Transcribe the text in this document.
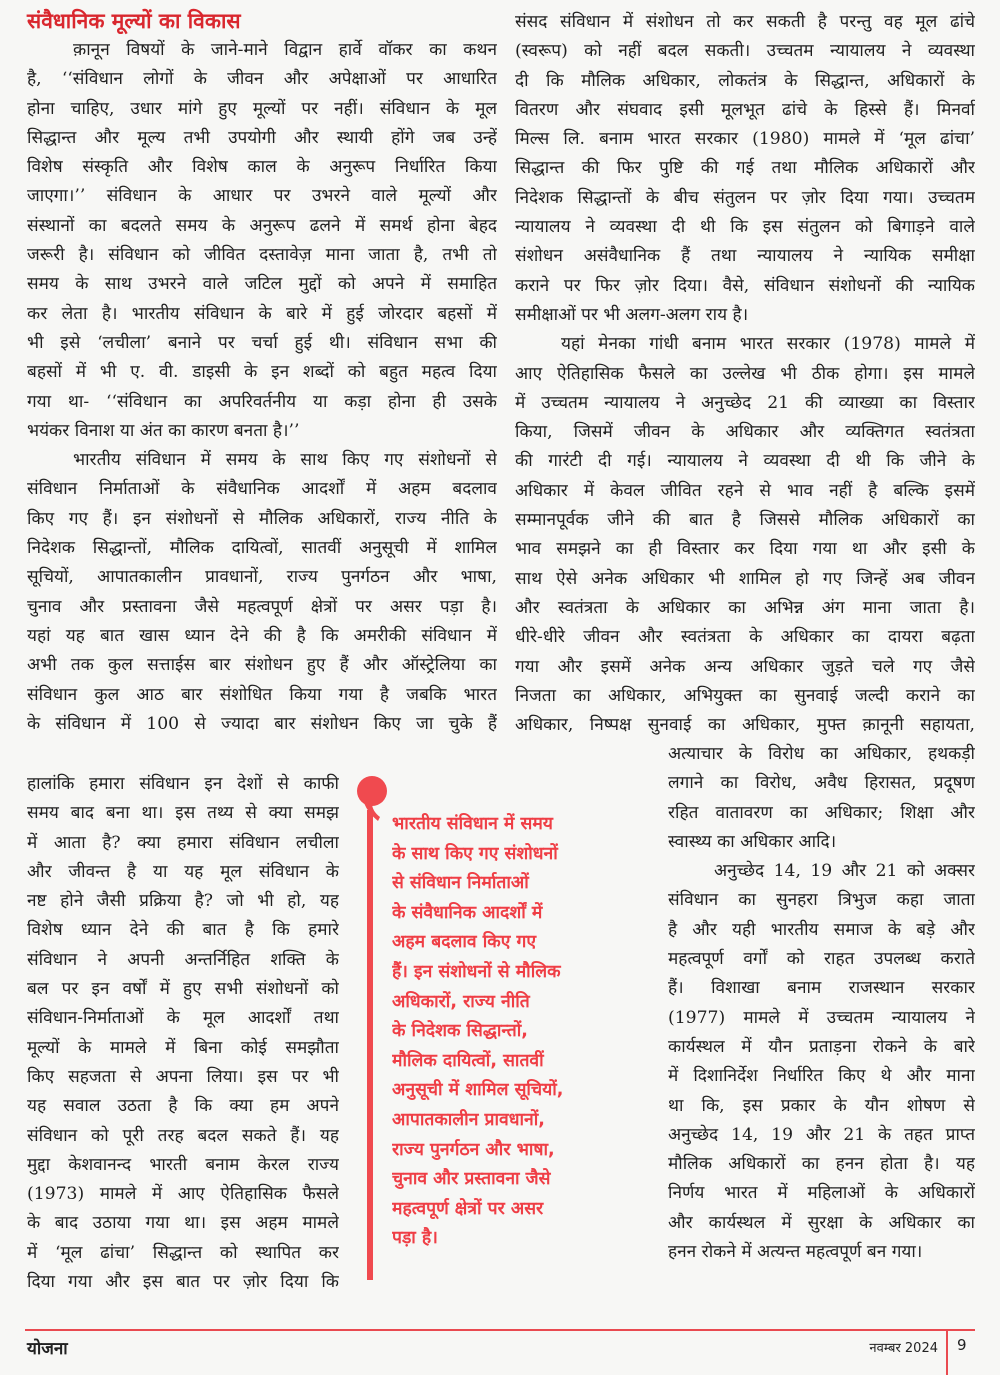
संवैधानिक मूल्यों का विकास
क़ानून विषयों के जाने-माने विद्वान हार्वे वॉकर का कथन
है, ‘‘संविधान लोगों के जीवन और अपेक्षाओं पर आधारित
होना चाहिए, उधार मांगे हुए मूल्यों पर नहीं। संविधान के मूल
सिद्धान्त और मूल्य तभी उपयोगी और स्थायी होंगे जब उन्हें
विशेष संस्कृति और विशेष काल के अनुरूप निर्धारित किया
जाएगा।’’ संविधान के आधार पर उभरने वाले मूल्यों और
संस्थानों का बदलते समय के अनुरूप ढलने में समर्थ होना बेहद
जरूरी है। संविधान को जीवित दस्तावेज़ माना जाता है, तभी तो
समय के साथ उभरने वाले जटिल मुद्दों को अपने में समाहित
कर लेता है। भारतीय संविधान के बारे में हुई जोरदार बहसों में
भी इसे ‘लचीला’ बनाने पर चर्चा हुई थी। संविधान सभा की
बहसों में भी ए. वी. डाइसी के इन शब्दों को बहुत महत्व दिया
गया था- ‘‘संविधान का अपरिवर्तनीय या कड़ा होना ही उसके
भयंकर विनाश या अंत का कारण बनता है।’’
भारतीय संविधान में समय के साथ किए गए संशोधनों से
संविधान निर्माताओं के संवैधानिक आदर्शों में अहम बदलाव
किए गए हैं। इन संशोधनों से मौलिक अधिकारों, राज्य नीति के
निदेशक सिद्धान्तों, मौलिक दायित्वों, सातवीं अनुसूची में शामिल
सूचियों, आपातकालीन प्रावधानों, राज्य पुनर्गठन और भाषा,
चुनाव और प्रस्तावना जैसे महत्वपूर्ण क्षेत्रों पर असर पड़ा है।
यहां यह बात खास ध्यान देने की है कि अमरीकी संविधान में
अभी तक कुल सत्ताईस बार संशोधन हुए हैं और ऑस्ट्रेलिया का
संविधान कुल आठ बार संशोधित किया गया है जबकि भारत
के संविधान में 100 से ज्यादा बार संशोधन किए जा चुके हैं
हालांकि हमारा संविधान इन देशों से काफी
समय बाद बना था। इस तथ्य से क्या समझ
में आता है? क्या हमारा संविधान लचीला
और जीवन्त है या यह मूल संविधान के
नष्ट होने जैसी प्रक्रिया है? जो भी हो, यह
विशेष ध्यान देने की बात है कि हमारे
संविधान ने अपनी अन्तर्निहित शक्ति के
बल पर इन वर्षों में हुए सभी संशोधनों को
संविधान-निर्माताओं के मूल आदर्शों तथा
मूल्यों के मामले में बिना कोई समझौता
किए सहजता से अपना लिया। इस पर भी
यह सवाल उठता है कि क्या हम अपने
संविधान को पूरी तरह बदल सकते हैं। यह
मुद्दा केशवानन्द भारती बनाम केरल राज्य
(1973) मामले में आए ऐतिहासिक फैसले
के बाद उठाया गया था। इस अहम मामले
में ‘मूल ढांचा’ सिद्धान्त को स्थापित कर
दिया गया और इस बात पर ज़ोर दिया कि
संसद संविधान में संशोधन तो कर सकती है परन्तु वह मूल ढांचे
(स्वरूप) को नहीं बदल सकती। उच्चतम न्यायालय ने व्यवस्था
दी कि मौलिक अधिकार, लोकतंत्र के सिद्धान्त, अधिकारों के
वितरण और संघवाद इसी मूलभूत ढांचे के हिस्से हैं। मिनर्वा
मिल्स लि. बनाम भारत सरकार (1980) मामले में ‘मूल ढांचा’
सिद्धान्त की फिर पुष्टि की गई तथा मौलिक अधिकारों और
निदेशक सिद्धान्तों के बीच संतुलन पर ज़ोर दिया गया। उच्चतम
न्यायालय ने व्यवस्था दी थी कि इस संतुलन को बिगाड़ने वाले
संशोधन असंवैधानिक हैं तथा न्यायालय ने न्यायिक समीक्षा
कराने पर फिर ज़ोर दिया। वैसे, संविधान संशोधनों की न्यायिक
समीक्षाओं पर भी अलग-अलग राय है।
यहां मेनका गांधी बनाम भारत सरकार (1978) मामले में
आए ऐतिहासिक फैसले का उल्लेख भी ठीक होगा। इस मामले
में उच्चतम न्यायालय ने अनुच्छेद 21 की व्याख्या का विस्तार
किया, जिसमें जीवन के अधिकार और व्यक्तिगत स्वतंत्रता
की गारंटी दी गई। न्यायालय ने व्यवस्था दी थी कि जीने के
अधिकार में केवल जीवित रहने से भाव नहीं है बल्कि इसमें
सम्मानपूर्वक जीने की बात है जिससे मौलिक अधिकारों का
भाव समझने का ही विस्तार कर दिया गया था और इसी के
साथ ऐसे अनेक अधिकार भी शामिल हो गए जिन्हें अब जीवन
और स्वतंत्रता के अधिकार का अभिन्न अंग माना जाता है।
धीरे-धीरे जीवन और स्वतंत्रता के अधिकार का दायरा बढ़ता
गया और इसमें अनेक अन्य अधिकार जुड़ते चले गए जैसे
निजता का अधिकार, अभियुक्त का सुनवाई जल्दी कराने का
अधिकार, निष्पक्ष सुनवाई का अधिकार, मुफ्त क़ानूनी सहायता,
अत्याचार के विरोध का अधिकार, हथकड़ी
लगाने का विरोध, अवैध हिरासत, प्रदूषण
रहित वातावरण का अधिकार; शिक्षा और
स्वास्थ्य का अधिकार आदि।
अनुच्छेद 14, 19 और 21 को अक्सर
संविधान का सुनहरा त्रिभुज कहा जाता
है और यही भारतीय समाज के बड़े और
महत्वपूर्ण वर्गों को राहत उपलब्ध कराते
हैं। विशाखा बनाम राजस्थान सरकार
(1977) मामले में उच्चतम न्यायालय ने
कार्यस्थल में यौन प्रताड़ना रोकने के बारे
में दिशानिर्देश निर्धारित किए थे और माना
था कि, इस प्रकार के यौन शोषण से
अनुच्छेद 14, 19 और 21 के तहत प्राप्त
मौलिक अधिकारों का हनन होता है। यह
निर्णय भारत में महिलाओं के अधिकारों
और कार्यस्थल में सुरक्षा के अधिकार का
हनन रोकने में अत्यन्त महत्वपूर्ण बन गया।
भारतीय संविधान में समय
के साथ किए गए संशोधनों
से संविधान निर्माताओं
के संवैधानिक आदर्शों में
अहम बदलाव किए गए
हैं। इन संशोधनों से मौलिक
अधिकारों, राज्य नीति
के निदेशक सिद्धान्तों,
मौलिक दायित्वों, सातवीं
अनुसूची में शामिल सूचियों,
आपातकालीन प्रावधानों,
राज्य पुनर्गठन और भाषा,
चुनाव और प्रस्तावना जैसे
महत्वपूर्ण क्षेत्रों पर असर
पड़ा है।
योजना	नवम्बर 2024 9
